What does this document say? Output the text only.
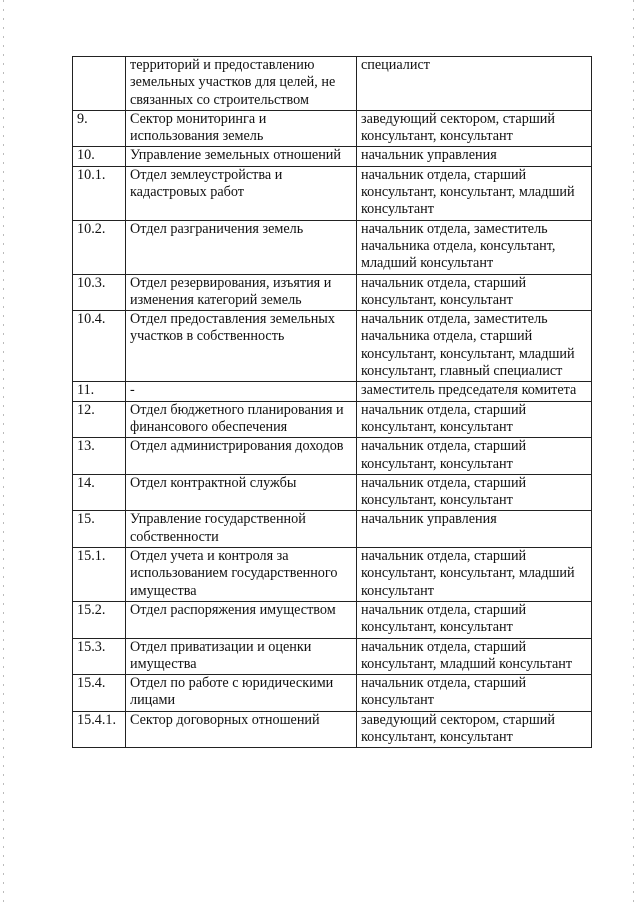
	территорий и предоставлению земельных участков для целей, не связанных со строительством	специалист

9.	Сектор мониторинга и использования земель	заведующий сектором, старший консультант, консультант

10.	Управление земельных отношений	начальник управления

10.1.	Отдел землеустройства и кадастровых работ	начальник отдела, старший консультант, консультант, младший консультант

10.2.	Отдел разграничения земель	начальник отдела, заместитель начальника отдела, консультант, младший консультант

10.3.	Отдел резервирования, изъятия и изменения категорий земель	начальник отдела, старший консультант, консультант

10.4.	Отдел предоставления земельных участков в собственность	начальник отдела, заместитель начальника отдела, старший консультант, консультант, младший консультант, главный специалист

11.	-	заместитель председателя комитета

12.	Отдел бюджетного планирования и финансового обеспечения	начальник отдела, старший консультант, консультант

13.	Отдел администрирования доходов	начальник отдела, старший консультант, консультант

14.	Отдел контрактной службы	начальник отдела, старший консультант, консультант

15.	Управление государственной собственности	начальник управления

15.1.	Отдел учета и контроля за использованием государственного имущества	начальник отдела, старший консультант, консультант, младший консультант

15.2.	Отдел распоряжения имуществом	начальник отдела, старший консультант, консультант

15.3.	Отдел приватизации и оценки имущества	начальник отдела, старший консультант, младший консультант

15.4.	Отдел по работе с юридическими лицами	начальник отдела, старший консультант

15.4.1.	Сектор договорных отношений	заведующий сектором, старший консультант, консультант
